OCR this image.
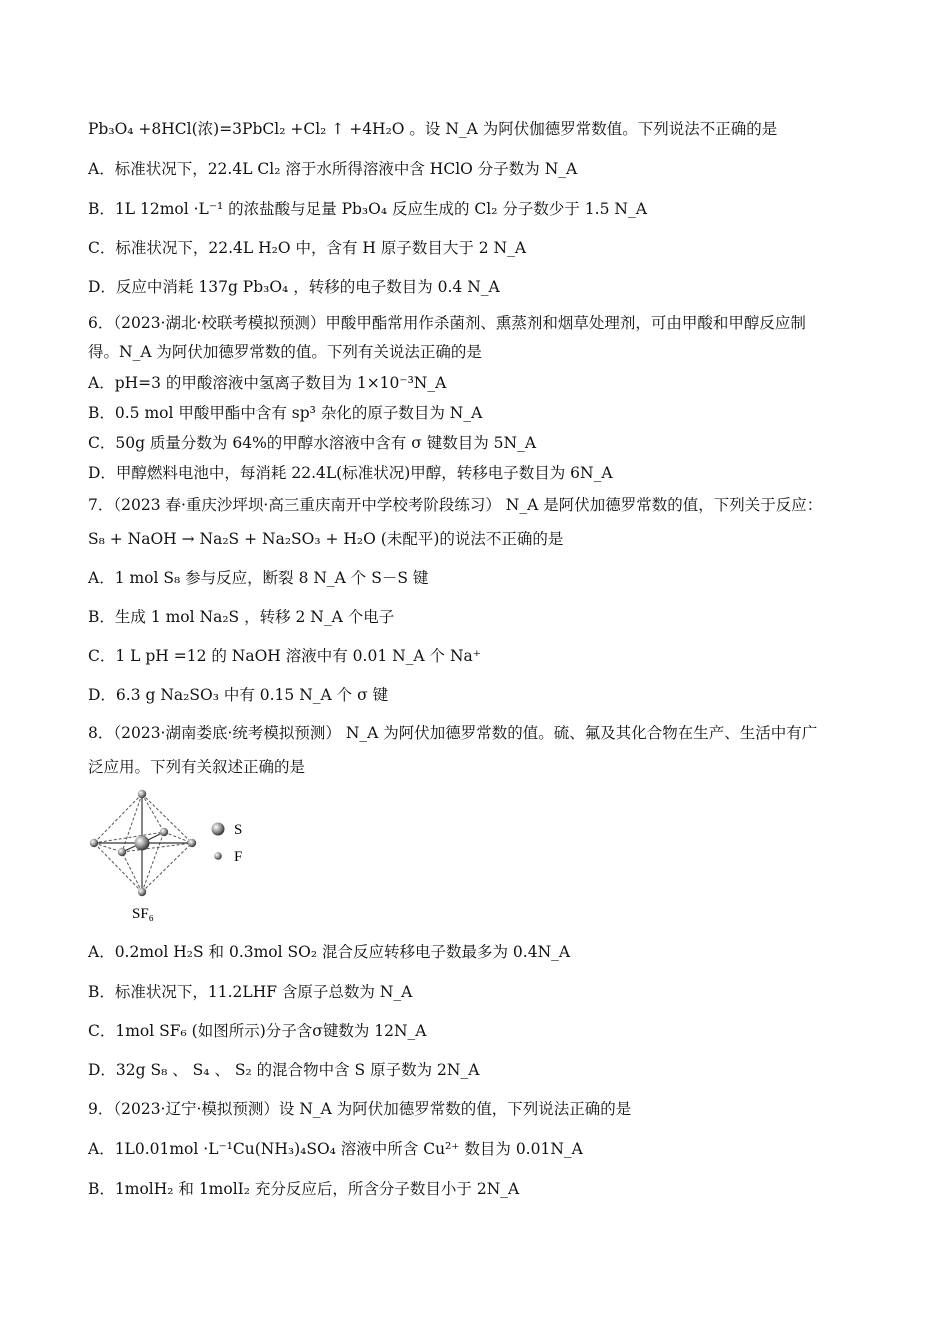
Pb₃O₄ +8HCl(浓)=3PbCl₂ +Cl₂ ↑ +4H₂O 。设 N_A 为阿伏伽德罗常数值。下列说法不正确的是
A．标准状况下，22.4L Cl₂ 溶于水所得溶液中含 HClO 分子数为 N_A
B．1L 12mol ·L⁻¹ 的浓盐酸与足量 Pb₃O₄ 反应生成的 Cl₂ 分子数少于 1.5 N_A
C．标准状况下，22.4L H₂O 中，含有 H 原子数目大于 2 N_A
D．反应中消耗 137g Pb₃O₄ ，转移的电子数目为 0.4 N_A
6．（2023·湖北·校联考模拟预测）甲酸甲酯常用作杀菌剂、熏蒸剂和烟草处理剂，可由甲酸和甲醇反应制
得。N_A 为阿伏加德罗常数的值。下列有关说法正确的是
A．pH=3 的甲酸溶液中氢离子数目为 1×10⁻³N_A
B．0.5 mol 甲酸甲酯中含有 sp³ 杂化的原子数目为 N_A
C．50g 质量分数为 64%的甲醇水溶液中含有 σ 键数目为 5N_A
D．甲醇燃料电池中，每消耗 22.4L(标准状况)甲醇，转移电子数目为 6N_A
7．（2023 春·重庆沙坪坝·高三重庆南开中学校考阶段练习） N_A 是阿伏加德罗常数的值，下列关于反应：
S₈ + NaOH → Na₂S + Na₂SO₃ + H₂O (未配平)的说法不正确的是
A．1 mol S₈ 参与反应，断裂 8 N_A 个 S－S 键
B．生成 1 mol Na₂S ，转移 2 N_A 个电子
C．1 L pH =12 的 NaOH 溶液中有 0.01 N_A 个 Na⁺
D．6.3 g Na₂SO₃ 中有 0.15 N_A 个 σ 键
8．（2023·湖南娄底·统考模拟预测） N_A 为阿伏加德罗常数的值。硫、氟及其化合物在生产、生活中有广
泛应用。下列有关叙述正确的是
S
F
SF₆
A．0.2mol H₂S 和 0.3mol SO₂ 混合反应转移电子数最多为 0.4N_A
B．标准状况下，11.2LHF 含原子总数为 N_A
C．1mol SF₆ (如图所示)分子含σ键数为 12N_A
D．32g S₈ 、 S₄ 、 S₂ 的混合物中含 S 原子数为 2N_A
9．（2023·辽宁·模拟预测）设 N_A 为阿伏加德罗常数的值，下列说法正确的是
A．1L0.01mol ·L⁻¹Cu(NH₃)₄SO₄ 溶液中所含 Cu²⁺ 数目为 0.01N_A
B．1molH₂ 和 1molI₂ 充分反应后，所含分子数目小于 2N_A
